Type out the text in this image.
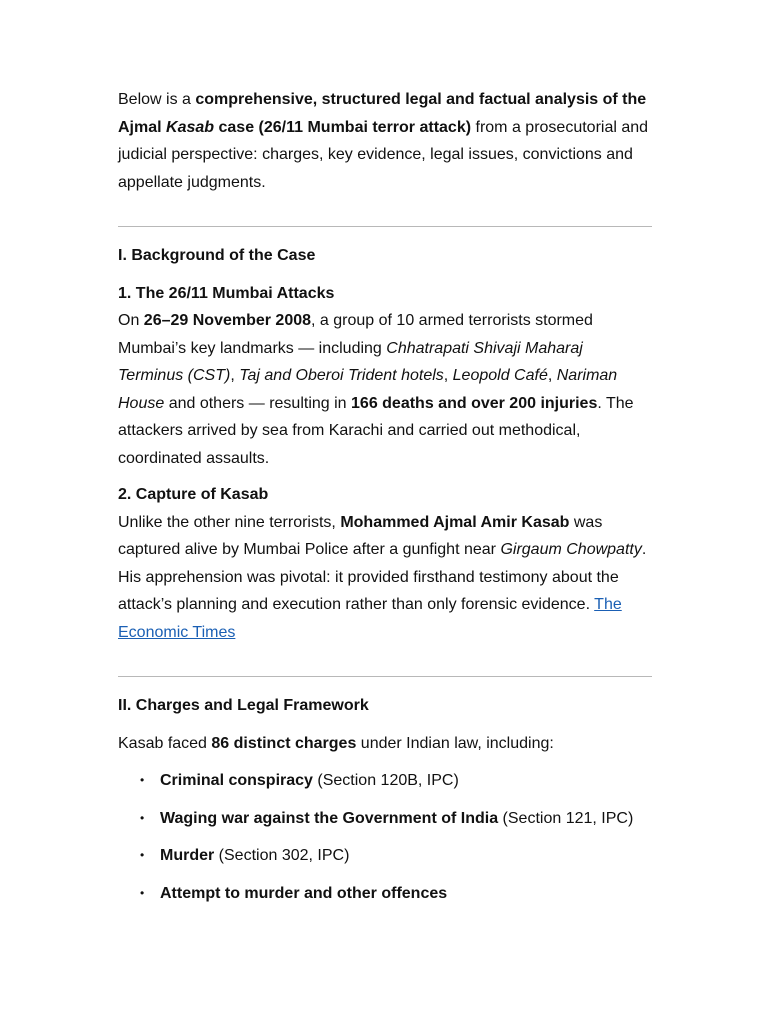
Below is a comprehensive, structured legal and factual analysis of the Ajmal Kasab case (26/11 Mumbai terror attack) from a prosecutorial and judicial perspective: charges, key evidence, legal issues, convictions and appellate judgments.

I. Background of the Case

1. The 26/11 Mumbai Attacks

On 26–29 November 2008, a group of 10 armed terrorists stormed Mumbai’s key landmarks — including Chhatrapati Shivaji Maharaj Terminus (CST), Taj and Oberoi Trident hotels, Leopold Café, Nariman House and others — resulting in 166 deaths and over 200 injuries. The attackers arrived by sea from Karachi and carried out methodical, coordinated assaults.

2. Capture of Kasab

Unlike the other nine terrorists, Mohammed Ajmal Amir Kasab was captured alive by Mumbai Police after a gunfight near Girgaum Chowpatty. His apprehension was pivotal: it provided firsthand testimony about the attack’s planning and execution rather than only forensic evidence. The Economic Times

II. Charges and Legal Framework

Kasab faced 86 distinct charges under Indian law, including:

• Criminal conspiracy (Section 120B, IPC)
• Waging war against the Government of India (Section 121, IPC)
• Murder (Section 302, IPC)
• Attempt to murder and other offences
